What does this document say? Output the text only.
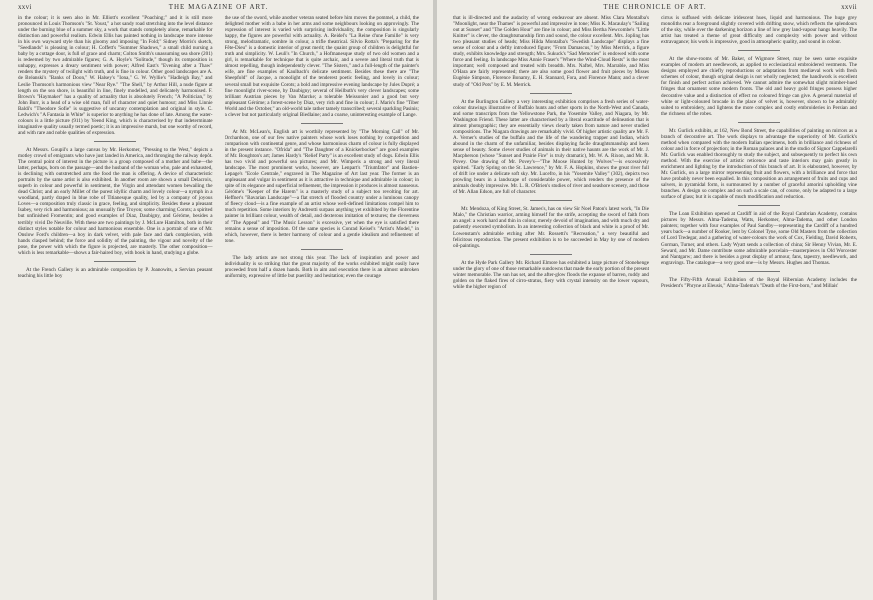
xxvi	THE MAGAZINE OF ART.

in the colour; it is seen also in Mr. Elliott's excellent "Poaching;" and it is still more pronounced in Louis Thomson's "St. Youst," a hot sandy road stretching into the level distance under the burning blue of a summer sky, a work that stands completely alone, remarkable for distinction and powerful realism. Edwin Ellis has painted nothing in landscape more intense in his own wayward style than his gloomy and imposing "In Fold;" Sidney Morris's sketch, "Seedlands" is pleasing in colour; H. Coffett's "Summer Shadows," a small child nursing a baby by a cottage door, is full of grace and charm; Colton Smith's unassuming sea shore (201) is redeemed by two admirable figures; G. A. Hoyle's "Solitude," though its composition is unhappy, expresses a dreary sentiment with power; Alfred East's "Evening after a Thaw" renders the mystery of twilight with truth, and is fine in colour. Other good landscapes are A. de Bréanski's "Banks of Doon," W. Halsey's "Iona," G. W. Wyllie's "Hadleigh Bay," and Leslie Thomson's harmonious view "Near Rye." "The Shell," by Arthur Hill, a nude figure at length on the sea shore, is beautiful in line, finely modelled, and delicately harmonised. F. Brown's "Haymaker" has a quality of actuality that is absolutely French; "A Politician," by John Burr, is a head of a wise old man, full of character and quiet humour; and Miss Linnie Baldi's "Theodore Sofie" is suggestive of uncanny contemplation and original in style. C. Ledwich's "A Fantasia in White" is superior to anything he has done of late. Among the water-colours is a little picture (911) by Yeend King, which is characterised by that indeterminate imaginative quality usually termed poetic; it is an impressive marsh, but one worthy of record, and with rare and noble qualities of expression.

At Messrs. Goupil's a large canvas by Mr. Herkomer, "Pressing to the West," depicts a motley crowd of emigrants who have just landed in America, and thronging the railway depôt. The central point of interest in the picture is a group composed of a mother and babe—the latter, perhaps, born on the passage—and the husband of the woman who, pale and exhausted, is declining with outstretched arm the food the man is offering. A device of characteristic portraits by the same artist is also exhibited. In another room are shown a small Delacroix, superb in colour and powerful in sentiment, the Virgin and attendant women bewailing the dead Christ; and an early Millet of the purest idyllic charm and lovely colour—a nymph in a woodland, partly draped in blue robe of Titianesque quality, led by a company of joyous Loves—a composition truly classic in grace, feeling, and simplicity. Besides these a pleasant Isabey, very rich and harmonious; an unusually fine Troyon; some charming Corots; a spirited but unfinished Fromentin; and good examples of Diaz, Daubigny, and Géróme, besides a terribly vivid De Neuville. With these are two paintings by J. McLure Hamilton, both in their distinct styles notable for colour and harmonious ensemble. One is a portrait of one of Mr. Onslow Ford's children—a boy in dark velvet, with pale face and dark complexion, with hands clasped behind; the force and solidity of the painting, the vigour and novelty of the pose, the power with which the figure is projected, are masterly. The other composition—which is less remarkable—shows a fair-haired boy, with book in hand, studying a globe.

At the French Gallery is an admirable composition by P. Joanowits, a Servian peasant teaching his little boy

the use of the sword, while another veteran seated before him moves the pommel, a child, the delighted mother with a babe in her arms and some neighbours looking on approvingly. The expression of interest is varied with surprising individuality, the composition is singularly happy, the figures are powerful with actuality. A. Reidel's "La Reine d'une Famille" is very strong, melodramatic, sombre in colour, a trifle theatrical. Silvio Rotta's "Preparing for the Fête-Dieu" is a domestic interior of great merit; the quaint group of children is delightful for truth and simplicity. W. Leuli's "In Church," a Hofmanesque study of two old women and a girl, is remarkable for technique that is quite archaic, and a severe and literal truth that is almost repelling, though independently clever. "The Sisters," and a full-length of the painter's wife, are fine examples of Kaulbach's delicate sentiment. Besides these there are "The Sheepfold" of Jacque, a monolight of the tenderest poetic feeling, and lovely in colour; several small but exquisite Corots; a bold and impressive evening landscape by Jules Dupré; a fine moonlight river-scene, by Daubigny; several of Heilbuth's very clever landscapes; some brilliant Austrian pieces by Van Marcke; a tolerable Meissonier and a good but very unpleasant Géróme; a forest-scene by Diaz, very rich and fine in colour; J. Maris's fine "Tiber World and the October," an old-world tale rather tamely transcribed; several sparkling Pasinis; a clever but not particularly original Biedlaine; and a coarse, uninteresting example of Lange.

At Mr. McLean's, English art is worthily represented by "The Morning Call" of Mr. Orchardson, one of our few native painters whose work loses nothing by competition and comparison with continental genre, and whose harmonious charm of colour is fully displayed in the present instance. "Ofrida" and "The Daughter of a Knickerbocker" are good examples of Mr. Boughton's art; James Hardy's "Relief Party" is an excellent study of dogs. Edwin Ellis has two vivid and powerful sea pictures; and Mr. Wimperis a strong and very literal landscape. The most prominent works, however, are Lenpart's "Triumfator" and Bastien-Lepage's "Ecole Centrale," engraved in The Magazine of Art last year. The former is an unpleasant and vulgar in sentiment as it is attractive in technique and admirable in colour; in spite of its elegance and superficial refinement, the impression it produces is almost nauseous. Géróme's "Keeper of the Harem" is a masterly study of a subject too revolting for art. Heffner's "Bavarian Landscape"—a flat stretch of flooded country under a luminous canopy of fleecy cloud—is a fine example of an artist whose well-defined limitations compel him to much repetition. Some interiors by Andreotti surpass anything yet exhibited by the Florentine painter in brilliant colour, wealth of detail, and dexterous imitation of textures; the cleverness of "The Appeal" and "The Music Lesson" is excessive, yet when the eye is satisfied there remains a sense of imposition. Of the same species is Conrad Keisel's "Artist's Model," in which, however, there is better harmony of colour and a gentle idealism and refinement of tone.

The lady artists are not strong this year. The lack of inspiration and power and individuality is so striking that the great majority of the works exhibited might easily have proceeded from half a dozen hands. Both in aim and execution there is an almost unbroken uniformity, expressive of little but puerility and hesitation; even the courage

THE CHRONICLE OF ART.	xxvii

that is ill-directed and the audacity of wrong endeavour are absent. Miss Clara Montalba's "Moonlight, near the Thames" is powerful and impressive in tone; Miss K. Macaulay's "Sailing out at Sunset" and "The Golden Hour" are fine in colour; and Miss Bertha Newcombe's "Little Knitter" is clever, the draughtsmanship firm and sound, the colour excellent. Mrs. Jopling has two pleasant studies of heads; Miss Hilda Montalba's "Swedish Landscape" displays a fine sense of colour and a deftly introduced figure; "From Damascus," by Miss Merrick, a figure study, exhibits knowledge and strength; Mrs. Sukuck's "Sad Memories" is endowed with some force and feeling. In landscape Miss Annie Fraser's "Where the Wind-Cloud Rests" is the most important; well composed and treated with breadth. Mrs. Naftel, Mrs. Marrable, and Miss O'Hara are fairly represented; there are also some good flower and fruit pieces by Misses Eugénie Simpson, Florence Bonamy, E. H. Stannard, Fora, and Florence Mann; and a clever study of "Old Pots" by E. M. Merrick.

At the Burlington Gallery a very interesting exhibition comprises a fresh series of water-colour drawings illustrative of Buffalo hunts and other sports in the North-West and Canada, and some transcripts from the Yellowstone Park, the Yosemite Valley, and Niagara, by Mr. Washington Friend. These latter are characterised by a literal exactitude of delineation that is almost photographic; they are essentially views clearly taken from nature and never studied compositions. The Niagara drawings are remarkably vivid. Of higher artistic quality are Mr. F. A. Verner's studies of the buffalo and the life of the wandering trapper and Indian, which abound in the charm of the unfamiliar, besides displaying facile draughtsmanship and keen sense of beauty. Some clever studies of animals in their native haunts are the work of Mr. J. Macpherson (whose "Sunset and Prairie Fire" is truly dramatic), Mr. W. A. Rixon, and Mr. R. Povey. One drawing of Mr. Povey's—"The Moose Hunted by Wolves"—is excessively spirited. "Early Spring on the St. Lawrence," by Mr. F. A. Hopkins, shows the great river full of drift ice under a delicate soft sky. Mr. Lucefro, in his "Yosemite Valley" (302), depicts two prowling bears in a landscape of considerable power, which renders the presence of the animals doubly impressive. Mr. L. R. O'Brien's studies of river and seashore scenery, and those of Mr. Allan Edson, are full of character.

Mr. Mendoza, of King Street, St. James's, has on view Sir Noel Paton's latest work, "In Die Malo," the Christian warrior, arming himself for the strife, accepting the sword of faith from an angel: a work hard and thin in colour, merely devoid of imagination, and with much dry and patiently executed symbolism. In an interesting collection of black and white is a proof of Mr. Lowenstam's admirable etching after Mr. Rossetti's "Recreation," a very beautiful and felicitous reproduction. The present exhibition is to be succeeded in May by one of modern oil-paintings.

At the Hyde Park Gallery Mr. Richard Elmore has exhibited a large picture of Stonehenge under the glory of one of those remarkable sundowns that made the early portion of the present winter memorable. The sun has set, and the after-glow floods the expanse of barren, ruddy and golden on the flaked fires of cirro-stratus, fiery with crystal intensity on the lower vapours, while the higher region of

cirrus is suffused with delicate iridescent hues, liquid and harmonious. The huge grey monoliths rear a foreground slightly covered with drifting snow, which reflects the splendours of the sky, while over the darkening horizon a line of low grey land-vapour hangs heavily. The artist has treated a theme of great difficulty and complexity with power and without extravagance; his work is impressive, good in atmospheric quality, and sound in colour.

At the show-rooms of Mr. Baker, of Wigmore Street, may be seen some exquisite examples of modern art needlework, as applied to ecclesiastical embroidered vestments. The designs employed are chiefly reproductions or adaptations from mediæval work with fresh schemes of colour, though original design is not wholly neglected; the handiwork is excellent for finish and perfect action achieved. We cannot admire the somewhat slight mimber-hued fringes that ornament some modern fronts. The old and heavy gold fringes possess higher decorative value and a distinction of effect no coloured fringe can give. A general material of white or light-coloured brocade in the place of velvet is, however, shown to be admirably suited to embroidery, and lightens the more complex and costly embroideries in Persian and the richness of the robes.

Mr. Gurlick exhibits, at 162, New Bond Street, the capabilities of painting on mirrors as a branch of decorative art. The work displays to advantage the superiority of Mr. Gurlick's method when compared with the modern Italian specimens, both in brilliance and richness of colour and in force of projection; in the Roman palaces and in the studio of Signor Cappelarelli Mr. Gurlick was enabled thoroughly to study the subject, and subsequently to perfect his own method. With the exercise of artistic reticence and taste interiors may gain greatly in enrichment and lighting by the introduction of this branch of art. It is elaborated, however, by Mr. Gurlick, on a large mirror representing fruit and flowers, with a brilliance and force that have probably never been equalled. In this composition an arrangement of fruits and cups and salvers, in pyramidal form, is surmounted by a number of graceful amorini upholding vine branches. A design so complex and on such a scale can, of course, only be adapted to a large surface of glass; but it is capable of much modification and reduction.

The Loan Exhibition opened at Cardiff in aid of the Royal Cambrian Academy, contains pictures by Messrs. Alma-Tadema, Watts, Herkomer, Alma-Tadema, and other London painters; together with four examples of Paul Sandby—representing the Cardiff of a hundred years back—a number of Rooker, lent by Colonel Tyne, some Old Masters from the collection of Lord Tredegar, and a gathering of water-colours the work of Cox, Fielding, David Roberts, Gorman, Turner, and others. Lady Wyatt sends a collection of china; Sir Henny Vivian, Mr. E. Seward, and Mr. Dame contribute some admirable porcelain—masterpieces in Old Worcester and Nantgarw; and there is besides a great display of armour, fans, tapestry, needlework, and engravings. The catalogue—a very good one—is by Messrs. Hughes and Thomas.

The Fifty-Fifth Annual Exhibition of the Royal Hibernian Academy includes the President's "Phryne at Eleusis," Alma-Tadema's "Death of the First-born," and Millais'
